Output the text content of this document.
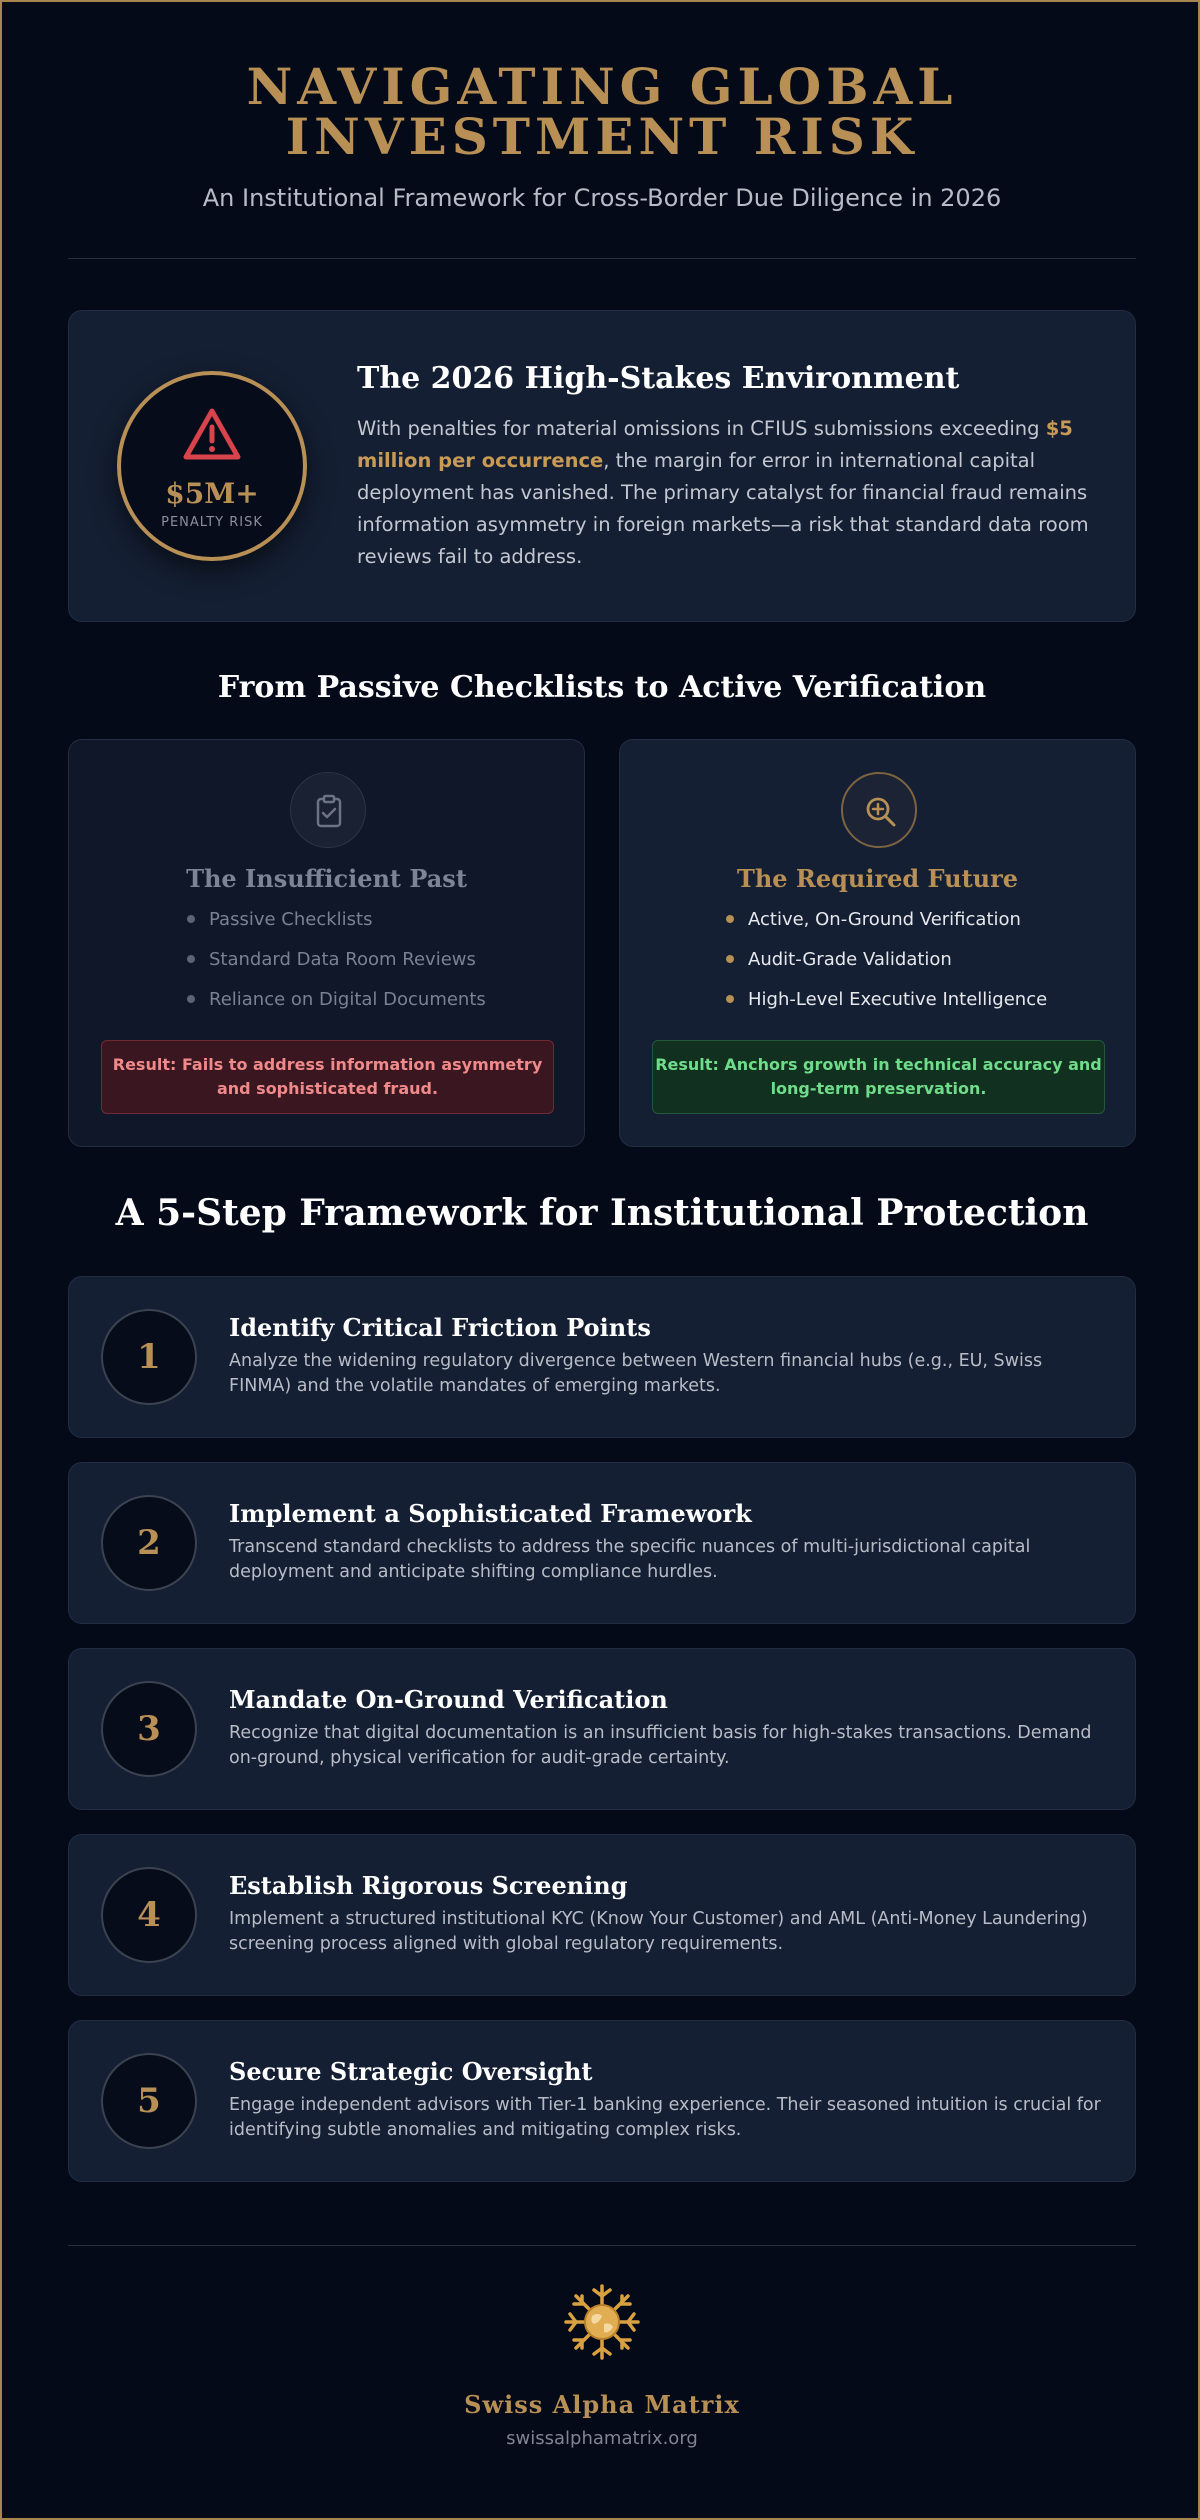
NAVIGATING GLOBAL INVESTMENT RISK
An Institutional Framework for Cross-Border Due Diligence in 2026
$5M+
PENALTY RISK
The 2026 High-Stakes Environment

With penalties for material omissions in CFIUS submissions exceeding $5 million per occurrence, the margin for error in international capital deployment has vanished. The primary catalyst for financial fraud remains information asymmetry in foreign markets—a risk that standard data room reviews fail to address.

From Passive Checklists to Active Verification
The Insufficient Past
Passive Checklists
Standard Data Room Reviews
Reliance on Digital Documents
Result: Fails to address information asymmetry and sophisticated fraud.
The Required Future
Active, On-Ground Verification
Audit-Grade Validation
High-Level Executive Intelligence
Result: Anchors growth in technical accuracy and long-term preservation.
A 5-Step Framework for Institutional Protection
1
Identify Critical Friction Points

Analyze the widening regulatory divergence between Western financial hubs (e.g., EU, Swiss FINMA) and the volatile mandates of emerging markets.

2
Implement a Sophisticated Framework

Transcend standard checklists to address the specific nuances of multi-jurisdictional capital deployment and anticipate shifting compliance hurdles.

3
Mandate On-Ground Verification

Recognize that digital documentation is an insufficient basis for high-stakes transactions. Demand on-ground, physical verification for audit-grade certainty.

4
Establish Rigorous Screening

Implement a structured institutional KYC (Know Your Customer) and AML (Anti-Money Laundering) screening process aligned with global regulatory requirements.

5
Secure Strategic Oversight

Engage independent advisors with Tier-1 banking experience. Their seasoned intuition is crucial for identifying subtle anomalies and mitigating complex risks.

Swiss Alpha Matrix
swissalphamatrix.org
